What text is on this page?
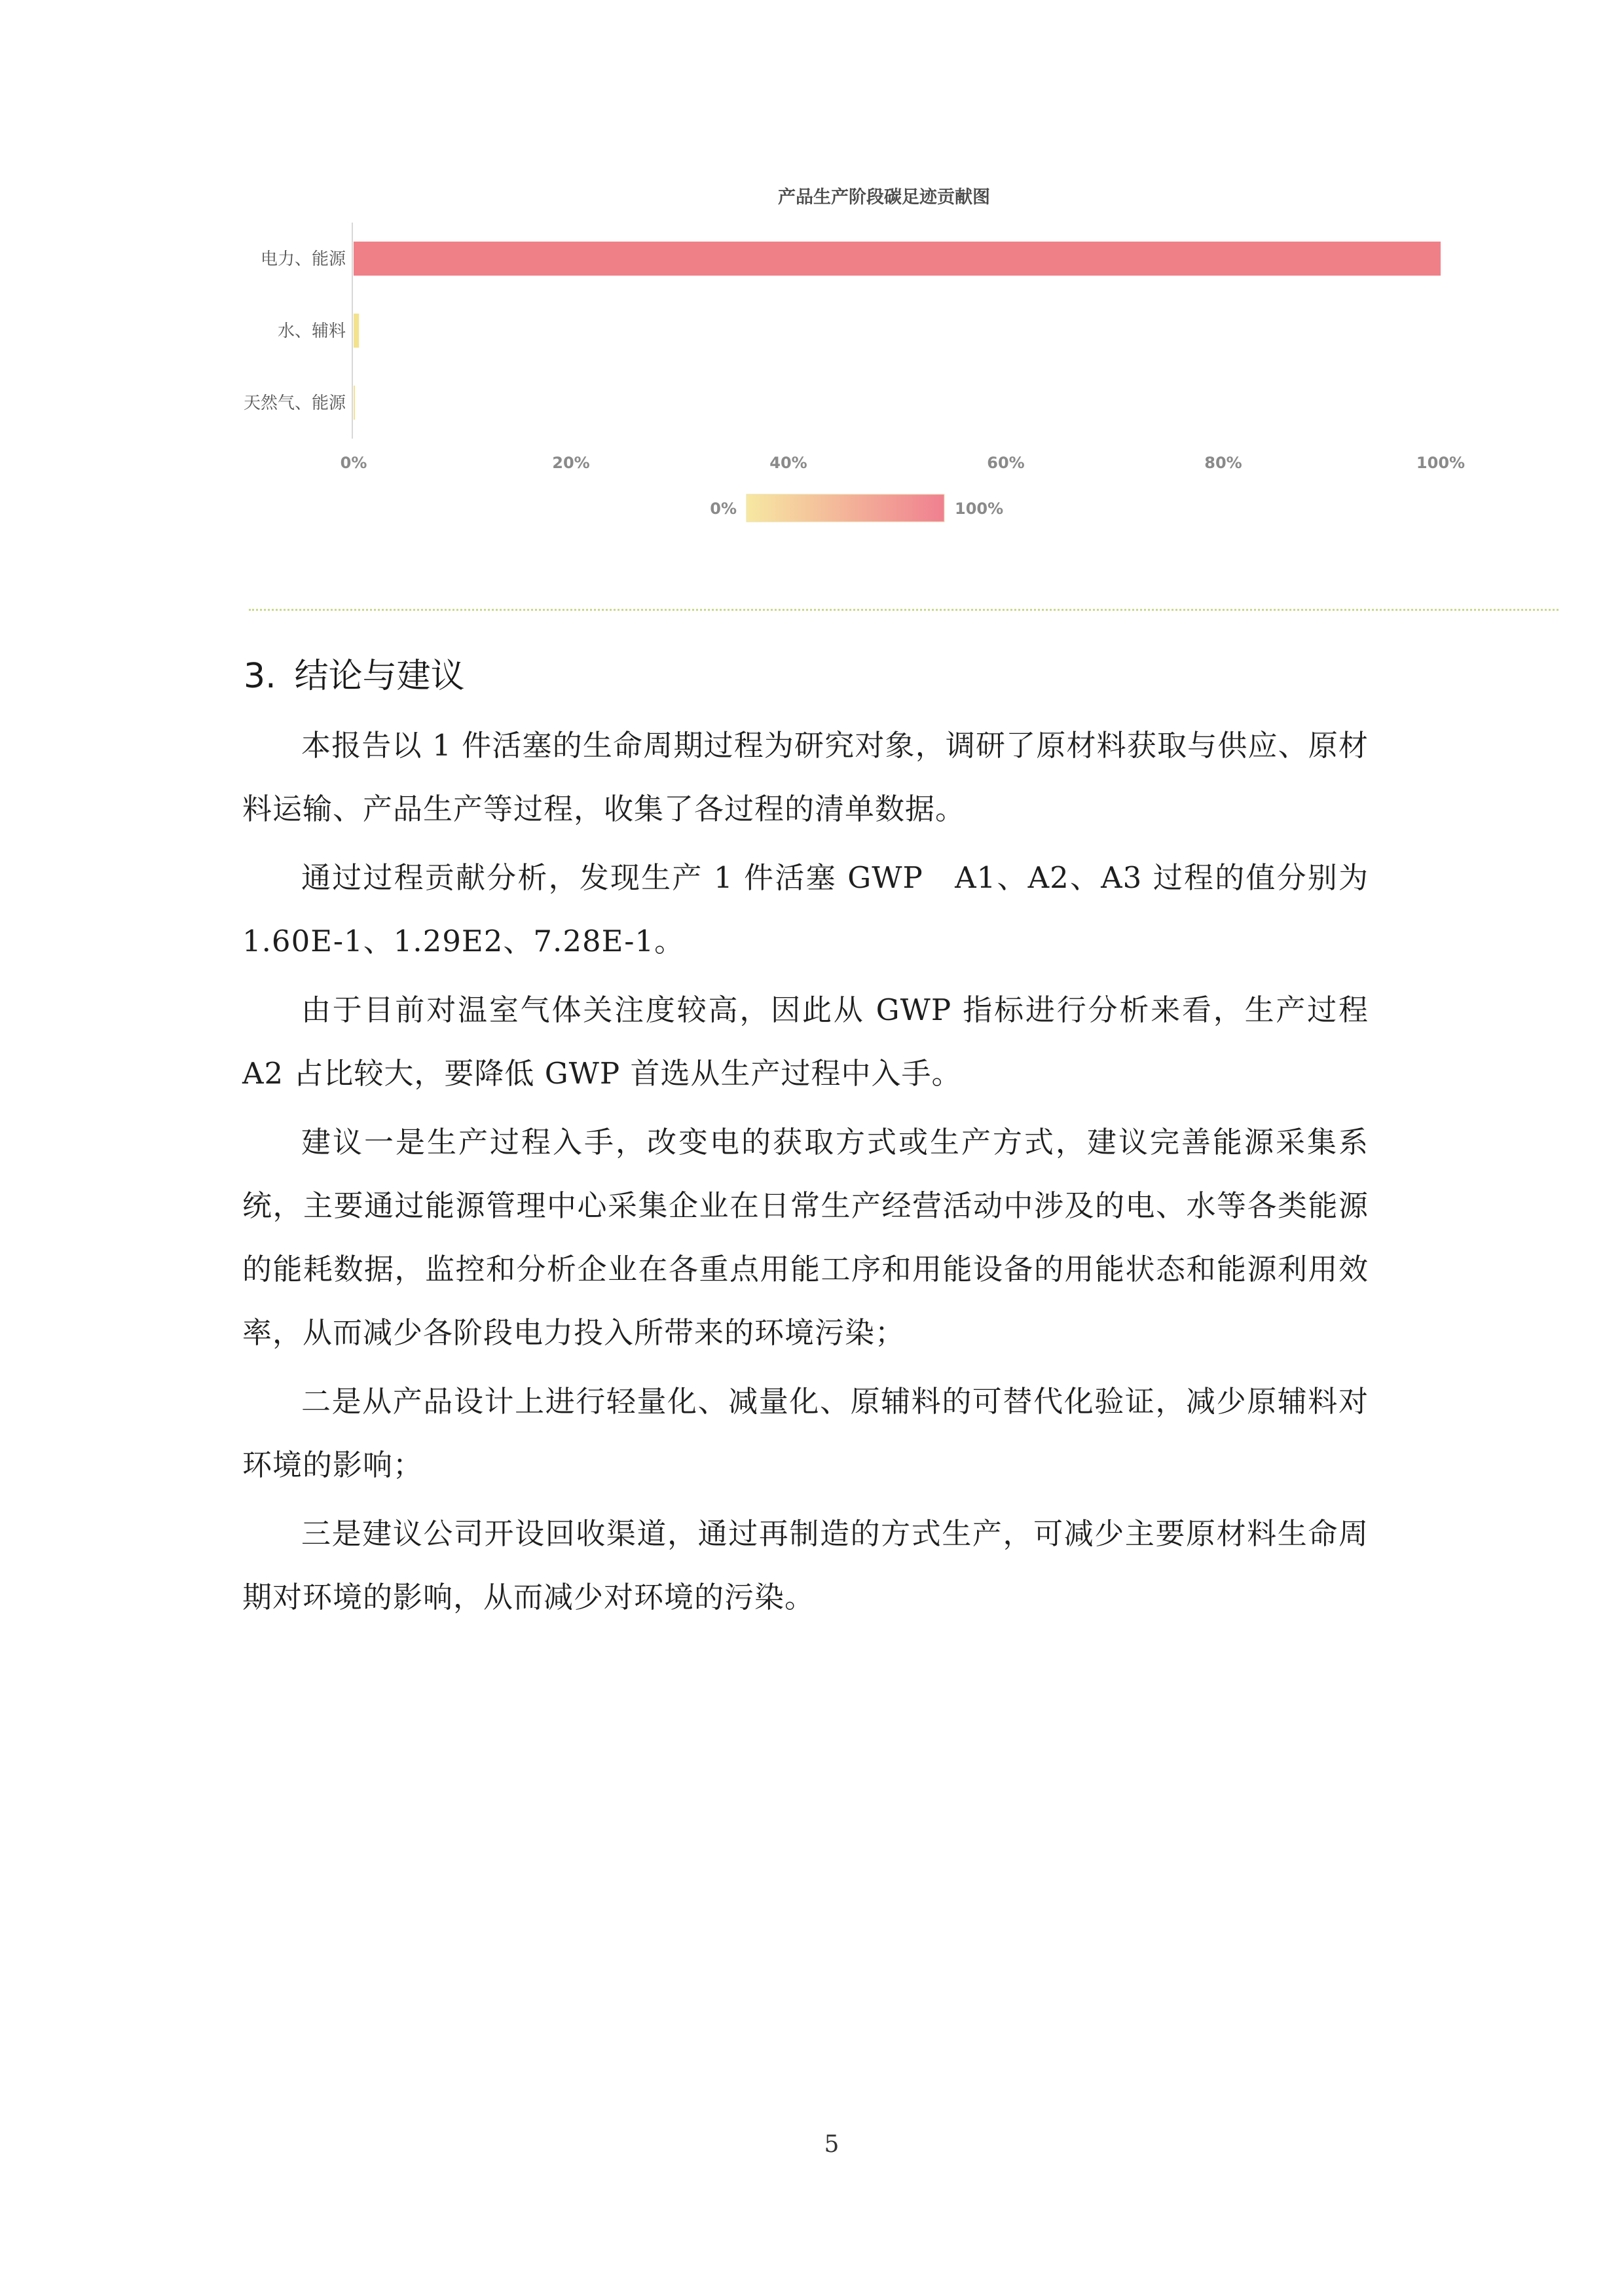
产品生产阶段碳足迹贡献图
电力、能源
水、辅料
天然气、能源
0%	20%	40%	60%	80%	100%
0%	100%
3. 结论与建议

本报告以 1 件活塞的生命周期过程为研究对象，调研了原材料获取与供应、原材料运输、产品生产等过程，收集了各过程的清单数据。

通过过程贡献分析，发现生产 1 件活塞 GWP　A1、A2、A3 过程的值分别为 1.60E-1、1.29E2、7.28E-1。

由于目前对温室气体关注度较高，因此从 GWP 指标进行分析来看，生产过程 A2 占比较大，要降低 GWP 首选从生产过程中入手。

建议一是生产过程入手，改变电的获取方式或生产方式，建议完善能源采集系统，主要通过能源管理中心采集企业在日常生产经营活动中涉及的电、水等各类能源的能耗数据，监控和分析企业在各重点用能工序和用能设备的用能状态和能源利用效率，从而减少各阶段电力投入所带来的环境污染；

二是从产品设计上进行轻量化、减量化、原辅料的可替代化验证，减少原辅料对环境的影响；

三是建议公司开设回收渠道，通过再制造的方式生产，可减少主要原材料生命周期对环境的影响，从而减少对环境的污染。

5
